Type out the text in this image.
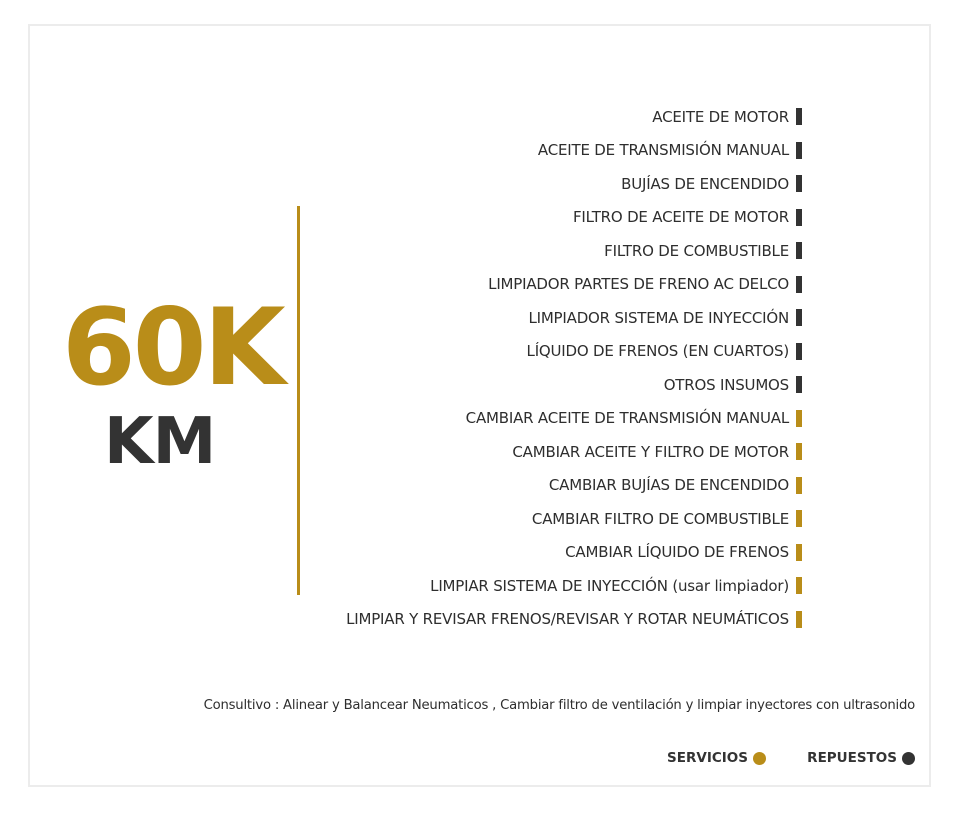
60K
KM
ACEITE DE MOTOR
ACEITE DE TRANSMISIÓN MANUAL
BUJÍAS DE ENCENDIDO
FILTRO DE ACEITE DE MOTOR
FILTRO DE COMBUSTIBLE
LIMPIADOR PARTES DE FRENO AC DELCO
LIMPIADOR SISTEMA DE INYECCIÓN
LÍQUIDO DE FRENOS (EN CUARTOS)
OTROS INSUMOS
CAMBIAR ACEITE DE TRANSMISIÓN MANUAL
CAMBIAR ACEITE Y FILTRO DE MOTOR
CAMBIAR BUJÍAS DE ENCENDIDO
CAMBIAR FILTRO DE COMBUSTIBLE
CAMBIAR LÍQUIDO DE FRENOS
LIMPIAR SISTEMA DE INYECCIÓN (usar limpiador)
LIMPIAR Y REVISAR FRENOS/REVISAR Y ROTAR NEUMÁTICOS
Consultivo : Alinear y Balancear Neumaticos , Cambiar filtro de ventilación y limpiar inyectores con ultrasonido
SERVICIOS	REPUESTOS
